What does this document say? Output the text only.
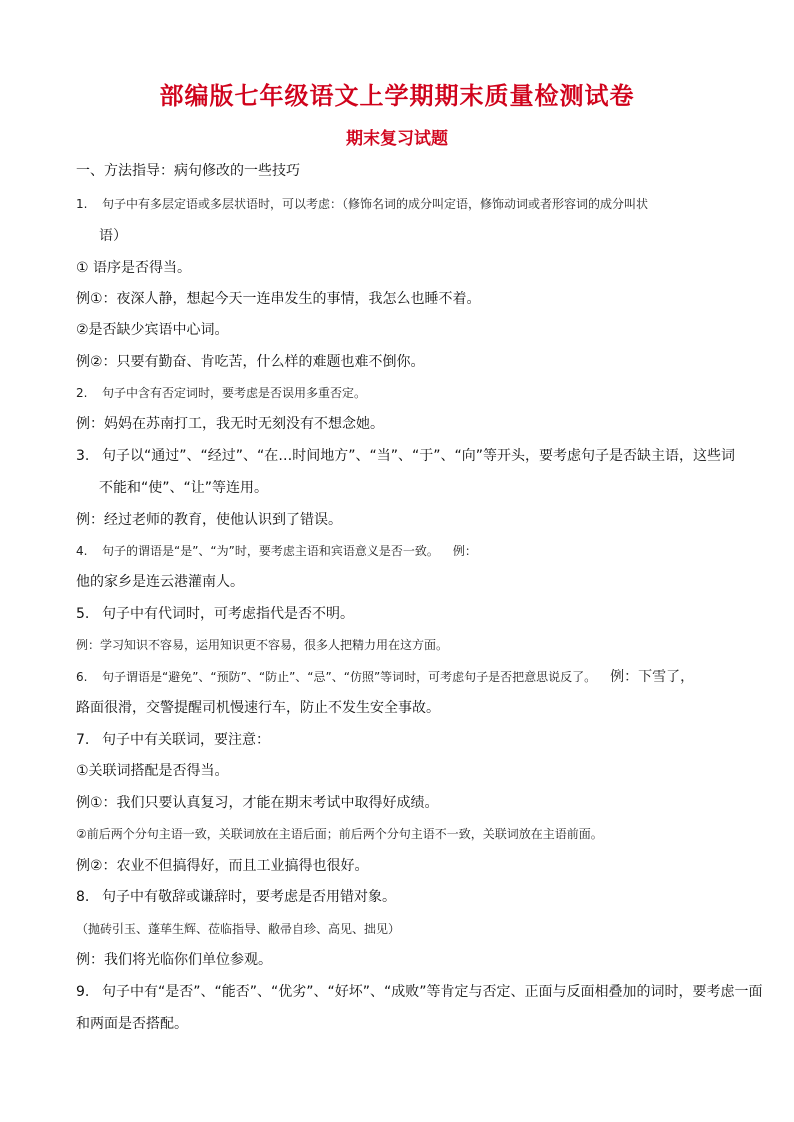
部编版七年级语文上学期期末质量检测试卷
期末复习试题
一、方法指导：病句修改的一些技巧
1. 句子中有多层定语或多层状语时，可以考虑：（修饰名词的成分叫定语，修饰动词或者形容词的成分叫状
语）
① 语序是否得当。
例①：夜深人静，想起今天一连串发生的事情，我怎么也睡不着。
②是否缺少宾语中心词。
例②：只要有勤奋、肯吃苦，什么样的难题也难不倒你。
2. 句子中含有否定词时，要考虑是否误用多重否定。
例：妈妈在苏南打工，我无时无刻没有不想念她。
3. 句子以“通过”、“经过”、“在…时间地方”、“当”、“于”、“向”等开头，要考虑句子是否缺主语，这些词
不能和“使”、“让”等连用。
例：经过老师的教育，使他认识到了错误。
4. 句子的谓语是“是”、“为”时，要考虑主语和宾语意义是否一致。 例：
他的家乡是连云港灌南人。
5. 句子中有代词时，可考虑指代是否不明。
例：学习知识不容易，运用知识更不容易，很多人把精力用在这方面。
6. 句子谓语是“避免”、“预防”、“防止”、“忌”、“仿照”等词时，可考虑句子是否把意思说反了。 例：下雪了，
路面很滑，交警提醒司机慢速行车，防止不发生安全事故。
7. 句子中有关联词，要注意：
①关联词搭配是否得当。
例①：我们只要认真复习，才能在期末考试中取得好成绩。
②前后两个分句主语一致，关联词放在主语后面；前后两个分句主语不一致，关联词放在主语前面。
例②：农业不但搞得好，而且工业搞得也很好。
8. 句子中有敬辞或谦辞时，要考虑是否用错对象。
（抛砖引玉、蓬荜生辉、莅临指导、敝帚自珍、高见、拙见）
例：我们将光临你们单位参观。
9. 句子中有“是否”、“能否”、“优劣”、“好坏”、“成败”等肯定与否定、正面与反面相叠加的词时，要考虑一面
和两面是否搭配。
